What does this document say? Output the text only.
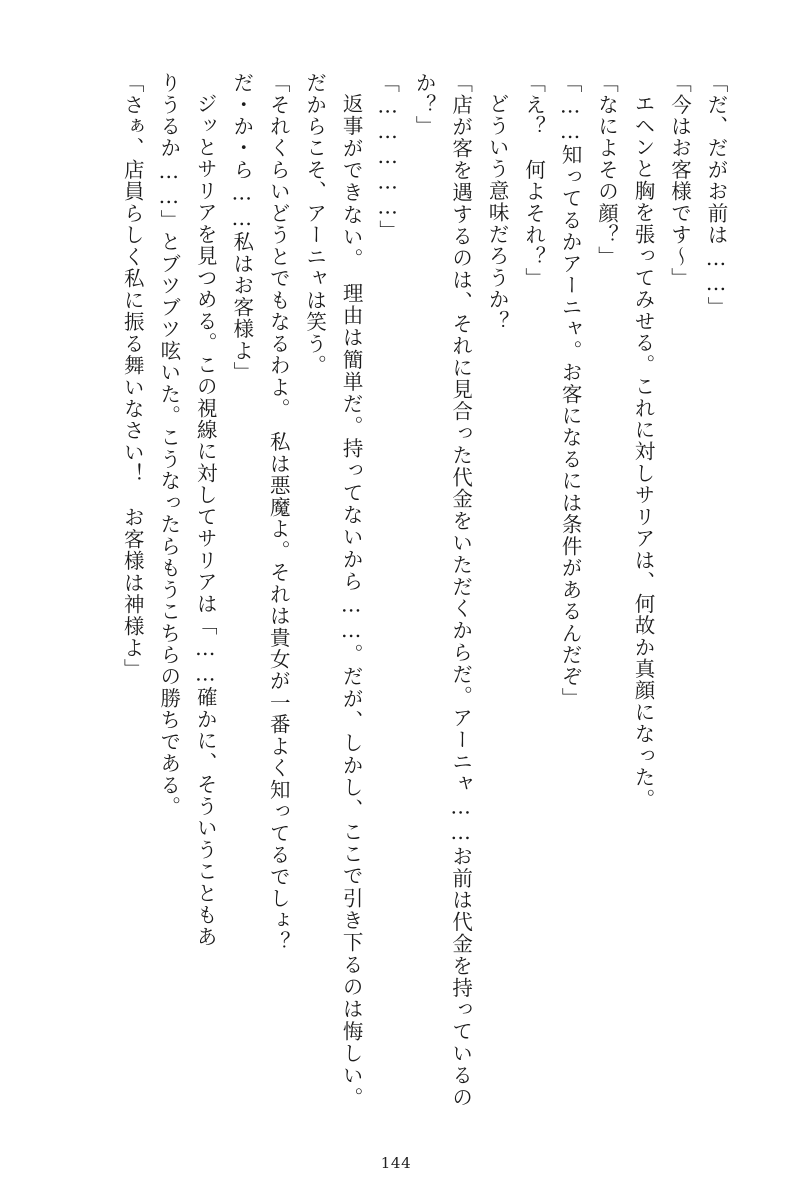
「だ、だがお前は……」

「今はお客様です～」

エヘンと胸を張ってみせる。これに対しサリアは、何故か真顔になった。

「なによその顔？」

「……知ってるかアーニャ。お客になるには条件があるんだぞ」

「え？　何よそれ？」

どういう意味だろうか？

「店が客を遇するのは、それに見合った代金をいただくからだ。アーニャ……お前は代金を持っているのか？」

「……………」

返事ができない。　理由は簡単だ。持ってないから……。だが、しかし、ここで引き下るのは悔しい。だからこそ、アーニャは笑う。

「それくらいどうとでもなるわよ。　私は悪魔よ。それは貴女が一番よく知ってるでしょ？

だ・か・ら……私はお客様よ」

ジッとサリアを見つめる。この視線に対してサリアは「……確かに、そういうこともあ

りうるか……」とブツブツ呟いた。こうなったらもうこちらの勝ちである。

「さぁ、店員らしく私に振る舞いなさい！　お客様は神様よ」

144
